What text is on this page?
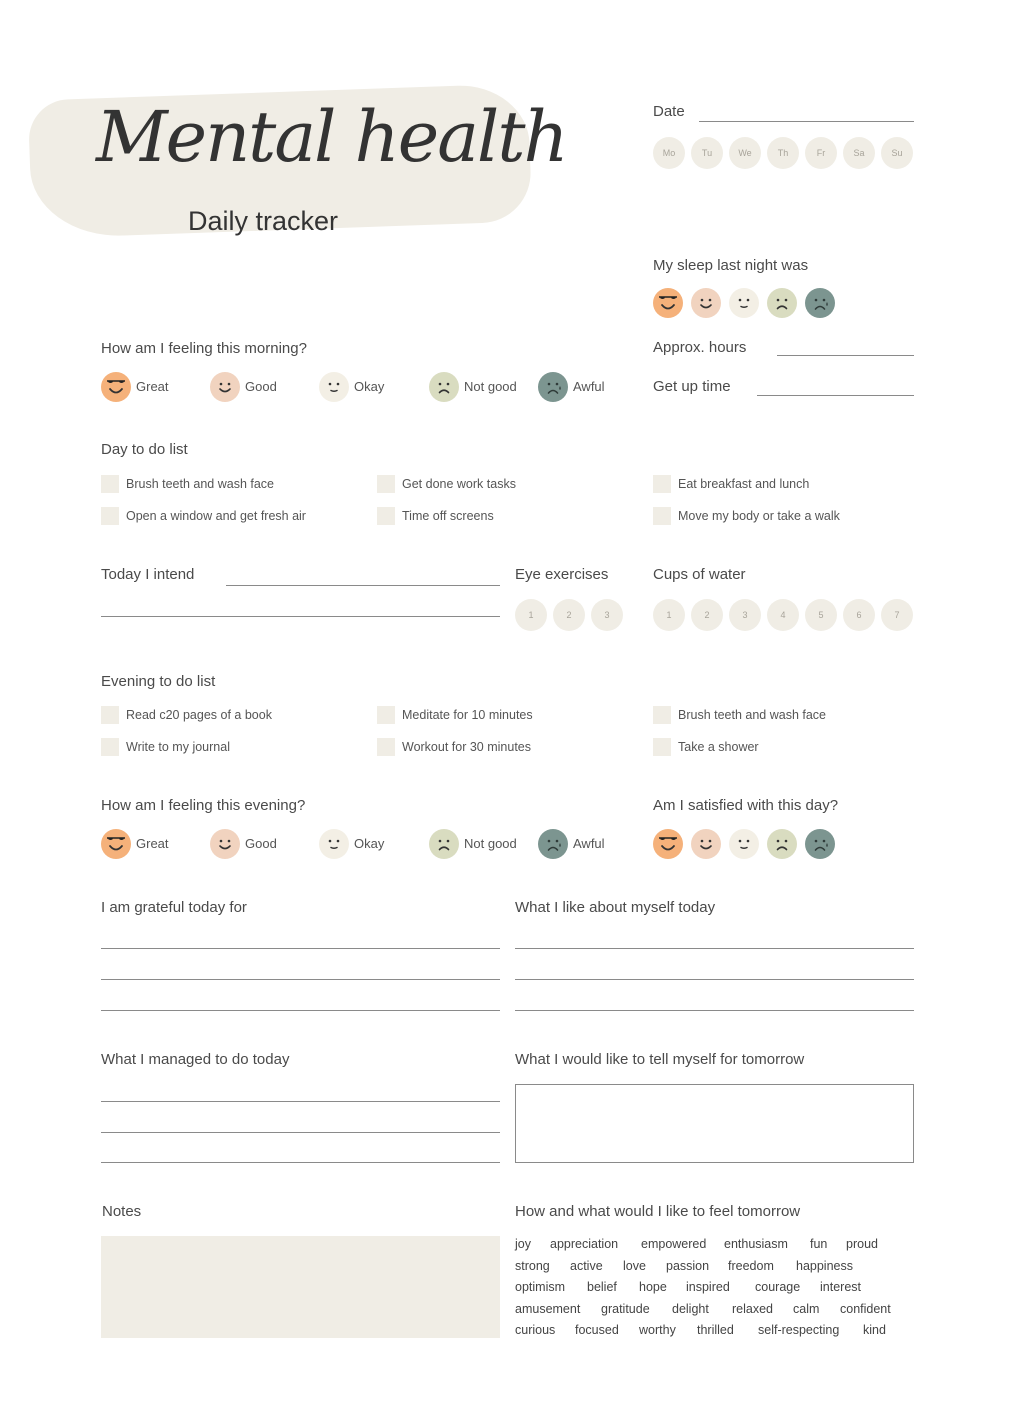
Mental health
Daily tracker
Date
Mo	Tu	We	Th	Fr	Sa	Su
My sleep last night was
Approx. hours
Get up time
How am I feeling this morning?
Great	Good	Okay	Not good	Awful
Day to do list
Brush teeth and wash face	Get done work tasks	Eat breakfast and lunch
Open a window and get fresh air	Time off screens	Move my body or take a walk
Today I intend	Eye exercises
1	2	3
Cups of water
1	2	3	4	5	6	7
Evening to do list
Read c20 pages of a book	Meditate for 10 minutes	Brush teeth and wash face
Write to my journal	Workout for 30 minutes	Take a shower
How am I feeling this evening?
Great	Good	Okay	Not good	Awful
Am I satisfied with this day?
I am grateful today for	What I like about myself today
What I managed to do today	What I would like to tell myself for tomorrow
Notes	How and what would I like to feel tomorrow
joy appreciation empowered enthusiasm fun proud
strong active love passion freedom happiness
optimism belief hope inspired courage interest
amusement gratitude delight relaxed calm confident
curious focused worthy thrilled self-respecting kind
